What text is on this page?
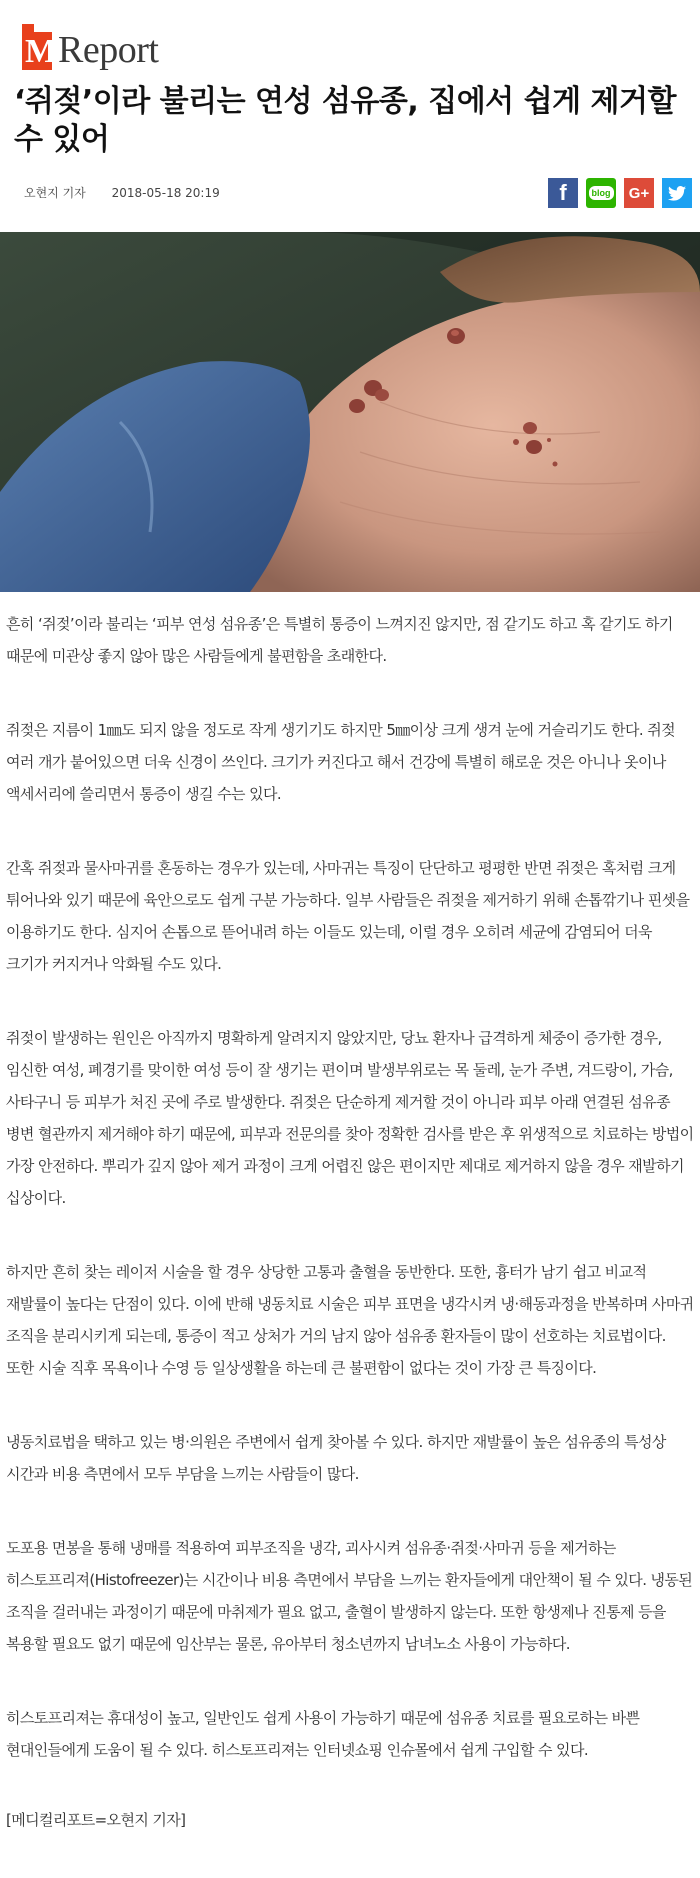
M Report
‘쥐젖’이라 불리는 연성 섬유종, 집에서 쉽게 제거할 수 있어
오현지 기자 2018-05-18 20:19	f	blog G+

흔히 ‘쥐젖’이라 불리는 ‘피부 연성 섬유종’은 특별히 통증이 느껴지진 않지만, 점 같기도 하고 혹 같기도 하기 때문에 미관상 좋지 않아 많은 사람들에게 불편함을 초래한다.

쥐젖은 지름이 1㎜도 되지 않을 정도로 작게 생기기도 하지만 5㎜이상 크게 생겨 눈에 거슬리기도 한다. 쥐젖 여러 개가 붙어있으면 더욱 신경이 쓰인다. 크기가 커진다고 해서 건강에 특별히 해로운 것은 아니나 옷이나 액세서리에 쓸리면서 통증이 생길 수는 있다.

간혹 쥐젖과 물사마귀를 혼동하는 경우가 있는데, 사마귀는 특징이 단단하고 평평한 반면 쥐젖은 혹처럼 크게 튀어나와 있기 때문에 육안으로도 쉽게 구분 가능하다. 일부 사람들은 쥐젖을 제거하기 위해 손톱깎기나 핀셋을 이용하기도 한다. 심지어 손톱으로 뜯어내려 하는 이들도 있는데, 이럴 경우 오히려 세균에 감염되어 더욱 크기가 커지거나 악화될 수도 있다.

쥐젖이 발생하는 원인은 아직까지 명확하게 알려지지 않았지만, 당뇨 환자나 급격하게 체중이 증가한 경우, 임신한 여성, 폐경기를 맞이한 여성 등이 잘 생기는 편이며 발생부위로는 목 둘레, 눈가 주변, 겨드랑이, 가슴, 사타구니 등 피부가 처진 곳에 주로 발생한다. 쥐젖은 단순하게 제거할 것이 아니라 피부 아래 연결된 섬유종 병변 혈관까지 제거해야 하기 때문에, 피부과 전문의를 찾아 정확한 검사를 받은 후 위생적으로 치료하는 방법이 가장 안전하다. 뿌리가 깊지 않아 제거 과정이 크게 어렵진 않은 편이지만 제대로 제거하지 않을 경우 재발하기 십상이다.

하지만 흔히 찾는 레이저 시술을 할 경우 상당한 고통과 출혈을 동반한다. 또한, 흉터가 남기 쉽고 비교적 재발률이 높다는 단점이 있다. 이에 반해 냉동치료 시술은 피부 표면을 냉각시켜 냉·해동과정을 반복하며 사마귀 조직을 분리시키게 되는데, 통증이 적고 상처가 거의 남지 않아 섬유종 환자들이 많이 선호하는 치료법이다. 또한 시술 직후 목욕이나 수영 등 일상생활을 하는데 큰 불편함이 없다는 것이 가장 큰 특징이다.

냉동치료법을 택하고 있는 병·의원은 주변에서 쉽게 찾아볼 수 있다. 하지만 재발률이 높은 섬유종의 특성상 시간과 비용 측면에서 모두 부담을 느끼는 사람들이 많다.

도포용 면봉을 통해 냉매를 적용하여 피부조직을 냉각, 괴사시켜 섬유종·쥐젖·사마귀 등을 제거하는 히스토프리져(Histofreezer)는 시간이나 비용 측면에서 부담을 느끼는 환자들에게 대안책이 될 수 있다. 냉동된 조직을 걸러내는 과정이기 때문에 마취제가 필요 없고, 출혈이 발생하지 않는다. 또한 항생제나 진통제 등을 복용할 필요도 없기 때문에 임산부는 물론, 유아부터 청소년까지 남녀노소 사용이 가능하다.

히스토프리져는 휴대성이 높고, 일반인도 쉽게 사용이 가능하기 때문에 섬유종 치료를 필요로하는 바쁜 현대인들에게 도움이 될 수 있다. 히스토프리져는 인터넷쇼핑 인슈몰에서 쉽게 구입할 수 있다.

[메디컬리포트=오현지 기자]
